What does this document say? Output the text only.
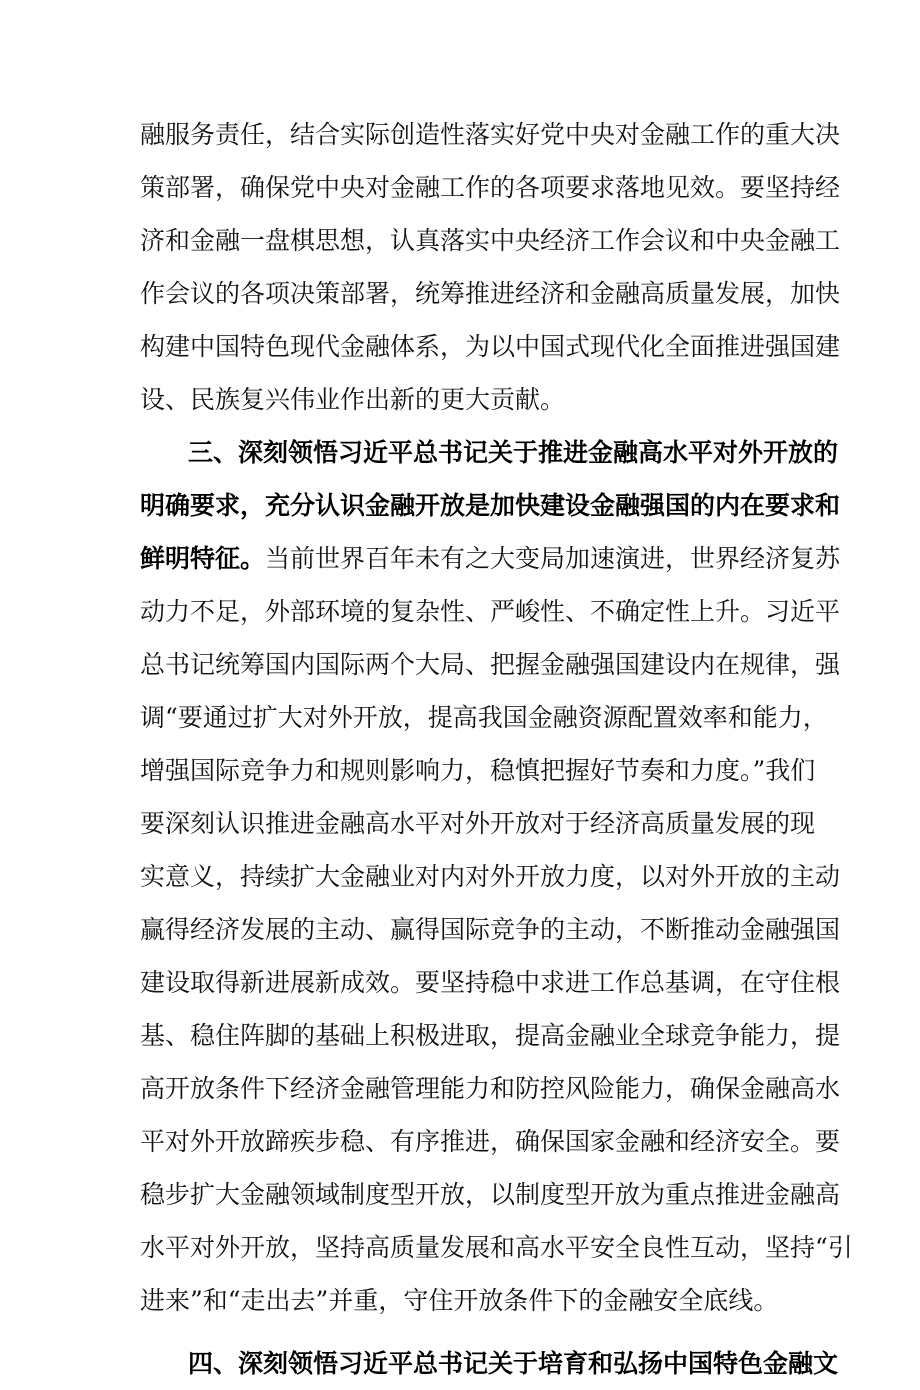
融服务责任，结合实际创造性落实好党中央对金融工作的重大决
策部署，确保党中央对金融工作的各项要求落地见效。要坚持经
济和金融一盘棋思想，认真落实中央经济工作会议和中央金融工
作会议的各项决策部署，统筹推进经济和金融高质量发展，加快
构建中国特色现代金融体系，为以中国式现代化全面推进强国建
设、民族复兴伟业作出新的更大贡献。
三、深刻领悟习近平总书记关于推进金融高水平对外开放的
明确要求，充分认识金融开放是加快建设金融强国的内在要求和
鲜明特征。当前世界百年未有之大变局加速演进，世界经济复苏
动力不足，外部环境的复杂性、严峻性、不确定性上升。习近平
总书记统筹国内国际两个大局、把握金融强国建设内在规律，强
调“要通过扩大对外开放，提高我国金融资源配置效率和能力，
增强国际竞争力和规则影响力，稳慎把握好节奏和力度。”我们
要深刻认识推进金融高水平对外开放对于经济高质量发展的现
实意义，持续扩大金融业对内对外开放力度，以对外开放的主动
赢得经济发展的主动、赢得国际竞争的主动，不断推动金融强国
建设取得新进展新成效。要坚持稳中求进工作总基调，在守住根
基、稳住阵脚的基础上积极进取，提高金融业全球竞争能力，提
高开放条件下经济金融管理能力和防控风险能力，确保金融高水
平对外开放蹄疾步稳、有序推进，确保国家金融和经济安全。要
稳步扩大金融领域制度型开放，以制度型开放为重点推进金融高
水平对外开放，坚持高质量发展和高水平安全良性互动，坚持“引
进来”和“走出去”并重，守住开放条件下的金融安全底线。
四、深刻领悟习近平总书记关于培育和弘扬中国特色金融文
